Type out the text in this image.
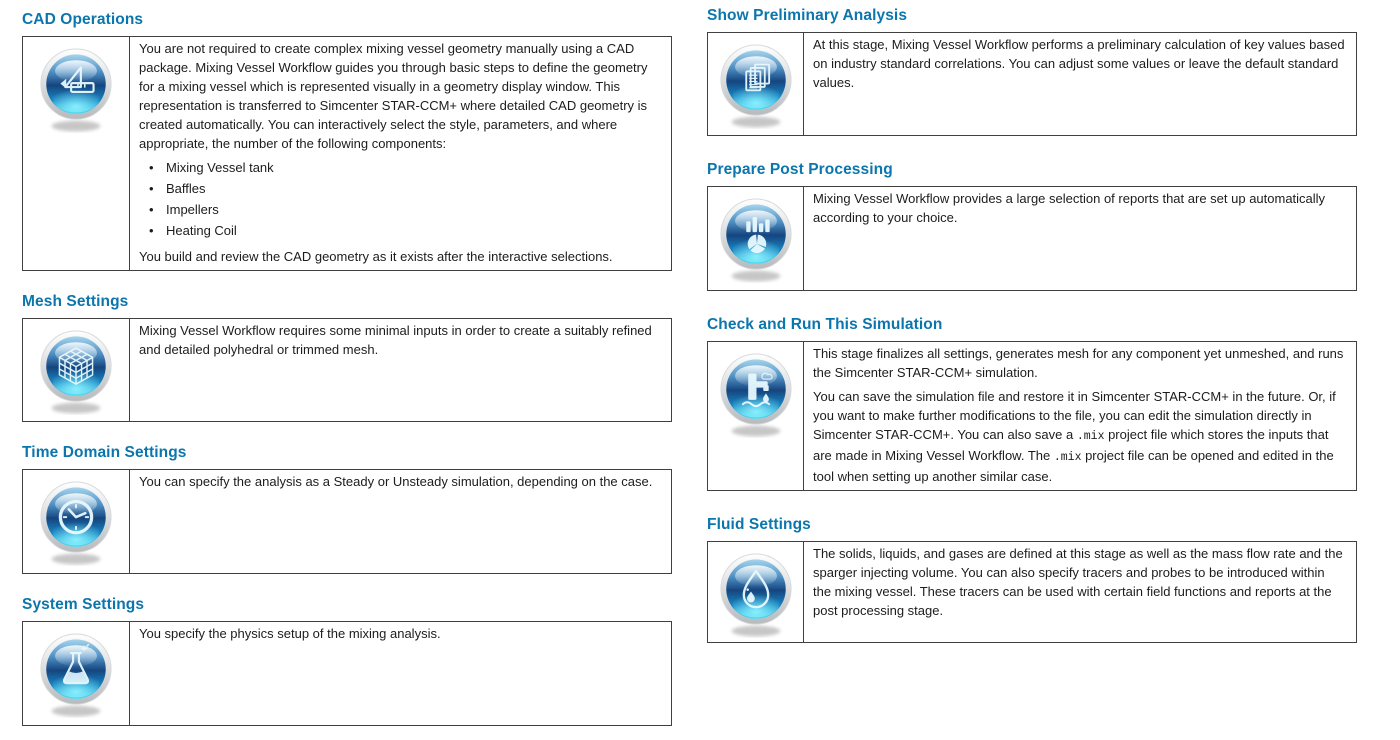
CAD Operations

You are not required to create complex mixing vessel geometry manually using a CAD package. Mixing Vessel Workflow guides you through basic steps to define the geometry for a mixing vessel which is represented visually in a geometry display window. This representation is transferred to Simcenter STAR-CCM+ where detailed CAD geometry is created automatically. You can interactively select the style, parameters, and where appropriate, the number of the following components:

• Mixing Vessel tank
• Baffles
• Impellers
• Heating Coil

You build and review the CAD geometry as it exists after the interactive selections.

Mesh Settings

Mixing Vessel Workflow requires some minimal inputs in order to create a suitably refined and detailed polyhedral or trimmed mesh.

Time Domain Settings

You can specify the analysis as a Steady or Unsteady simulation, depending on the case.

System Settings

You specify the physics setup of the mixing analysis.

Show Preliminary Analysis

At this stage, Mixing Vessel Workflow performs a preliminary calculation of key values based on industry standard correlations. You can adjust some values or leave the default standard values.

Prepare Post Processing

Mixing Vessel Workflow provides a large selection of reports that are set up automatically according to your choice.

Check and Run This Simulation

This stage finalizes all settings, generates mesh for any component yet unmeshed, and runs the Simcenter STAR-CCM+ simulation.

You can save the simulation file and restore it in Simcenter STAR-CCM+ in the future. Or, if you want to make further modifications to the file, you can edit the simulation directly in Simcenter STAR-CCM+. You can also save a .mix project file which stores the inputs that are made in Mixing Vessel Workflow. The .mix project file can be opened and edited in the tool when setting up another similar case.

Fluid Settings

The solids, liquids, and gases are defined at this stage as well as the mass flow rate and the sparger injecting volume. You can also specify tracers and probes to be introduced within the mixing vessel. These tracers can be used with certain field functions and reports at the post processing stage.
